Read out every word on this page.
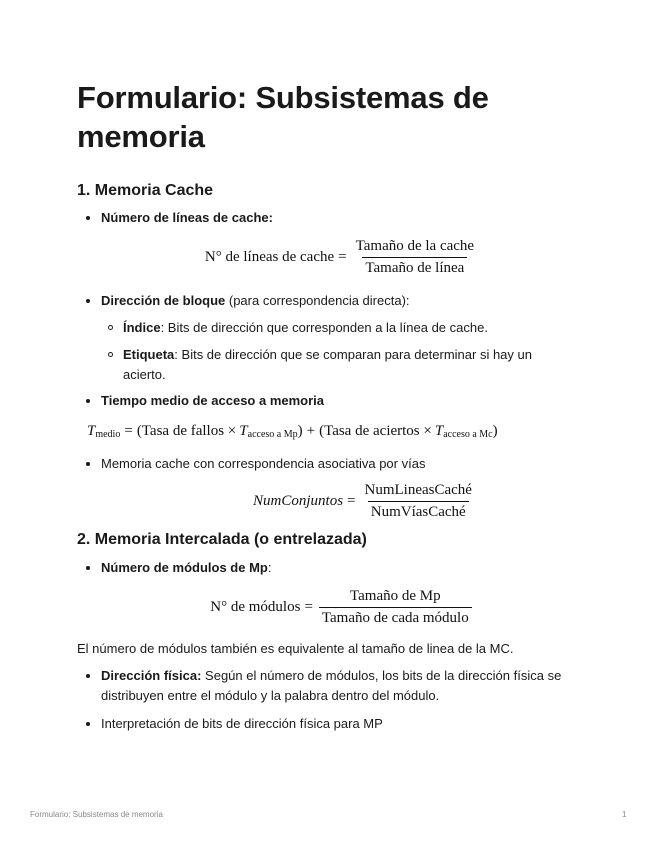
Formulario: Subsistemas de memoria
1. Memoria Cache
Número de líneas de cache:
N° de líneas de cache = $\frac{\text{Tamaño de la cache}}{\text{Tamaño de línea}}$
Dirección de bloque (para correspondencia directa):
Índice: Bits de dirección que corresponden a la línea de cache.
Etiqueta: Bits de dirección que se comparan para determinar si hay un acierto.
Tiempo medio de acceso a memoria
T medio = (Tasa de fallos × T acceso a Mp ) + (Tasa de aciertos × T acceso a Mc )
Memoria cache con correspondencia asociativa por vías
NumConjuntos = $\frac{\text{NumLineasCaché}}{\text{NumVíasCaché}}$
2. Memoria Intercalada (o entrelazada)
Número de módulos de Mp:
N° de módulos = $\frac{\text{Tamaño de Mp}}{\text{Tamaño de cada módulo}}$

El número de módulos también es equivalente al tamaño de linea de la MC.

Dirección física: Según el número de módulos, los bits de la dirección física se distribuyen entre el módulo y la palabra dentro del módulo.
Interpretación de bits de dirección física para MP
Formulario: Subsistemas de memoria	1
